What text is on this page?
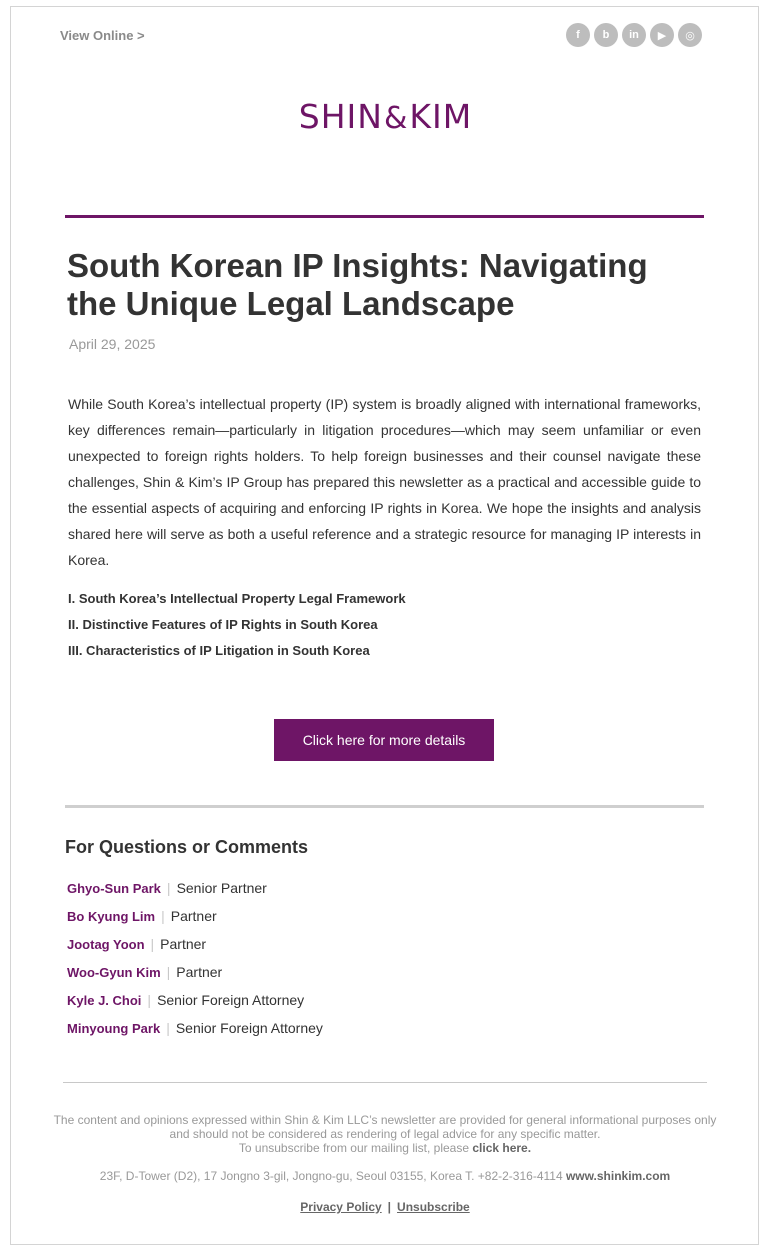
View Online >	f	b	in	▶	◎
SHIN&KIM
South Korean IP Insights: Navigating the Unique Legal Landscape
April 29, 2025

While South Korea’s intellectual property (IP) system is broadly aligned with international frameworks, key differences remain—particularly in litigation procedures—which may seem unfamiliar or even unexpected to foreign rights holders. To help foreign businesses and their counsel navigate these challenges, Shin & Kim’s IP Group has prepared this newsletter as a practical and accessible guide to the essential aspects of acquiring and enforcing IP rights in Korea. We hope the insights and analysis shared here will serve as both a useful reference and a strategic resource for managing IP interests in Korea.

I. South Korea’s Intellectual Property Legal Framework
II. Distinctive Features of IP Rights in South Korea
III. Characteristics of IP Litigation in South Korea
Click here for more details
For Questions or Comments
Ghyo-Sun Park | Senior Partner
Bo Kyung Lim | Partner
Jootag Yoon | Partner
Woo-Gyun Kim | Partner
Kyle J. Choi | Senior Foreign Attorney
Minyoung Park | Senior Foreign Attorney
The content and opinions expressed within Shin & Kim LLC’s newsletter are provided for general informational purposes only and should not be considered as rendering of legal advice for any specific matter.
To unsubscribe from our mailing list, please click here.
23F, D-Tower (D2), 17 Jongno 3-gil, Jongno-gu, Seoul 03155, Korea T. +82-2-316-4114 www.shinkim.com
Privacy Policy | Unsubscribe
